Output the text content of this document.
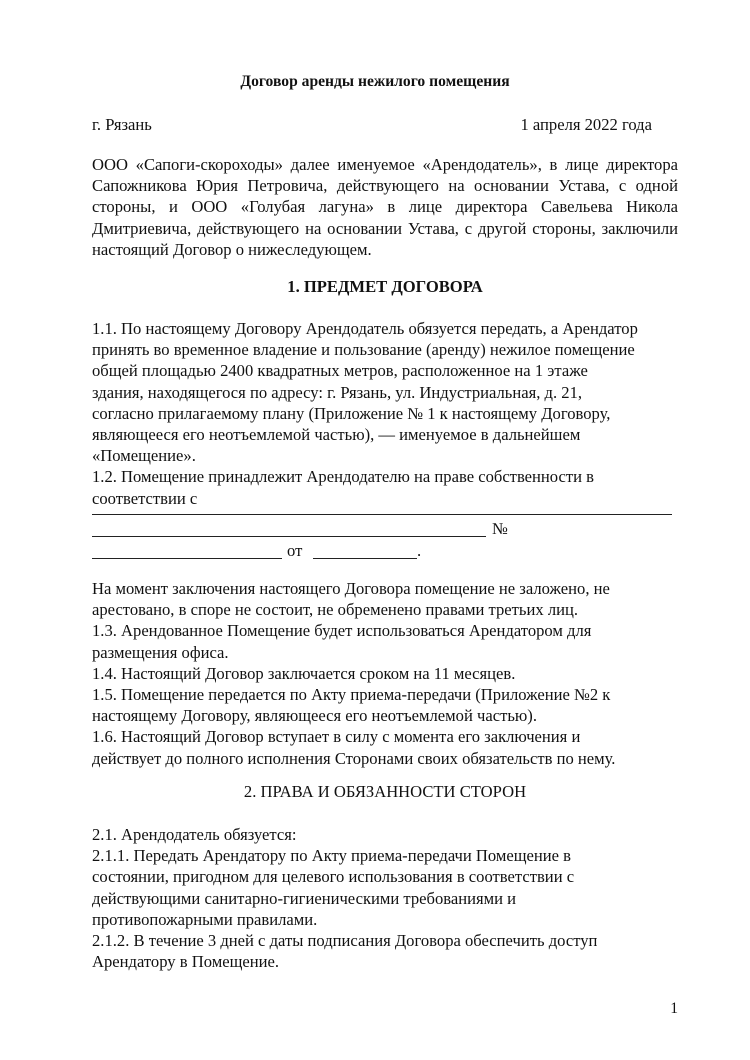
Договор аренды нежилого помещения
г. Рязань	1 апреля 2022 года

ООО «Сапоги-скороходы» далее именуемое «Арендодатель», в лице директора Сапожникова Юрия Петровича, действующего на основании Устава, с одной стороны, и ООО «Голубая лагуна» в лице директора Савельева Никола Дмитриевича, действующего на основании Устава, с другой стороны, заключили настоящий Договор о нижеследующем.

1. ПРЕДМЕТ ДОГОВОРА
1.1. По настоящему Договору Арендодатель обязуется передать, а Арендатор
принять во временное владение и пользование (аренду) нежилое помещение
общей площадью 2400 квадратных метров, расположенное на 1 этаже
здания, находящегося по адресу: г. Рязань, ул. Индустриальная, д. 21,
согласно прилагаемому плану (Приложение № 1 к настоящему Договору,
являющееся его неотъемлемой частью), — именуемое в дальнейшем
«Помещение».
1.2. Помещение принадлежит Арендодателю на праве собственности в
соответствии с
№
от	.
На момент заключения настоящего Договора помещение не заложено, не
арестовано, в споре не состоит, не обременено правами третьих лиц.
1.3. Арендованное Помещение будет использоваться Арендатором для
размещения офиса.
1.4. Настоящий Договор заключается сроком на 11 месяцев.
1.5. Помещение передается по Акту приема-передачи (Приложение №2 к
настоящему Договору, являющееся его неотъемлемой частью).
1.6. Настоящий Договор вступает в силу с момента его заключения и
действует до полного исполнения Сторонами своих обязательств по нему.
2. ПРАВА И ОБЯЗАННОСТИ СТОРОН
2.1. Арендодатель обязуется:
2.1.1. Передать Арендатору по Акту приема-передачи Помещение в
состоянии, пригодном для целевого использования в соответствии с
действующими санитарно-гигиеническими требованиями и
противопожарными правилами.
2.1.2. В течение 3 дней с даты подписания Договора обеспечить доступ
Арендатору в Помещение.
1
